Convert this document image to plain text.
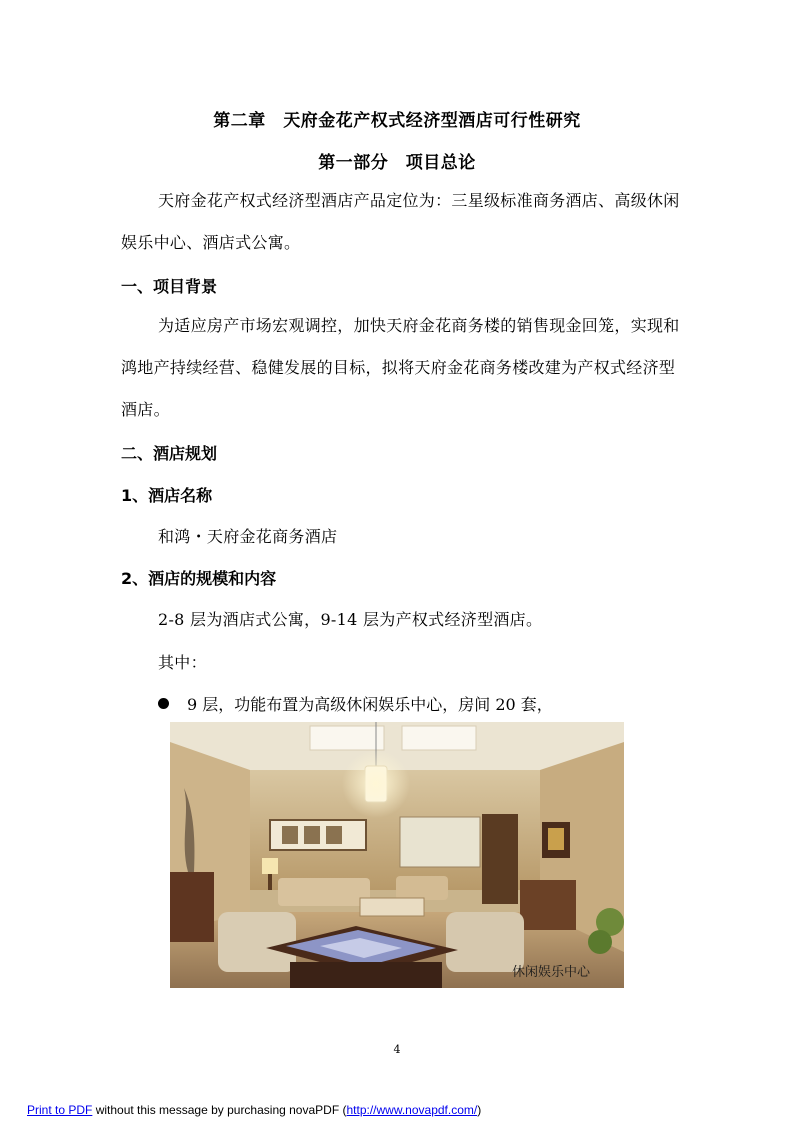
第二章　天府金花产权式经济型酒店可行性研究
第一部分　项目总论
天府金花产权式经济型酒店产品定位为：三星级标准商务酒店、高级休闲娱乐中心、酒店式公寓。
一、项目背景
为适应房产市场宏观调控，加快天府金花商务楼的销售现金回笼，实现和鸿地产持续经营、稳健发展的目标，拟将天府金花商务楼改建为产权式经济型酒店。
二、酒店规划
1、酒店名称
和鸿・天府金花商务酒店
2、酒店的规模和内容
2-8 层为酒店式公寓，9-14 层为产权式经济型酒店。
其中：
9 层，功能布置为高级休闲娱乐中心，房间 20 套，
休闲娱乐中心
4
Print to PDF without this message by purchasing novaPDF (http://www.novapdf.com/)
